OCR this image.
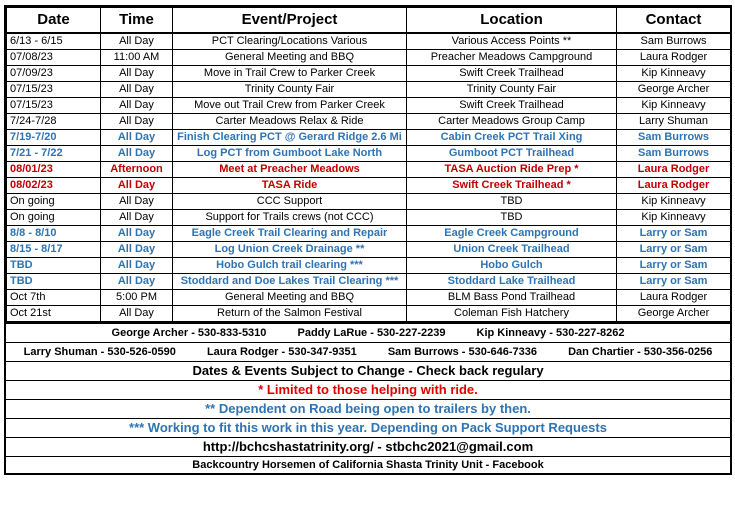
Date	Time	Event/Project	Location	Contact
6/13 - 6/15	All Day	PCT Clearing/Locations Various	Various Access Points **	Sam Burrows
07/08/23	11:00 AM	General Meeting and BBQ	Preacher Meadows Campground	Laura Rodger
07/09/23	All Day	Move in Trail Crew to Parker Creek	Swift Creek Trailhead	Kip Kinneavy
07/15/23	All Day	Trinity County Fair	Trinity County Fair	George Archer
07/15/23	All Day	Move out Trail Crew from Parker Creek	Swift Creek Trailhead	Kip Kinneavy
7/24-7/28	All Day	Carter Meadows Relax & Ride	Carter Meadows Group Camp	Larry Shuman
7/19-7/20	All Day	Finish Clearing PCT @ Gerard Ridge 2.6 Mi	Cabin Creek PCT Trail Xing	Sam Burrows
7/21 - 7/22	All Day	Log PCT from Gumboot Lake North	Gumboot PCT Trailhead	Sam Burrows
08/01/23	Afternoon	Meet at Preacher Meadows	TASA Auction Ride Prep *	Laura Rodger
08/02/23	All Day	TASA Ride	Swift Creek Trailhead *	Laura Rodger
On going	All Day	CCC Support	TBD	Kip Kinneavy
On going	All Day	Support for Trails crews (not CCC)	TBD	Kip Kinneavy
8/8 - 8/10	All Day	Eagle Creek Trail Clearing and Repair	Eagle Creek Campground	Larry or Sam
8/15 - 8/17	All Day	Log Union Creek Drainage **	Union Creek Trailhead	Larry or Sam
TBD	All Day	Hobo Gulch trail clearing ***	Hobo Gulch	Larry or Sam
TBD	All Day	Stoddard and Doe Lakes Trail Clearing ***	Stoddard Lake Trailhead	Larry or Sam
Oct 7th	5:00 PM	General Meeting and BBQ	BLM Bass Pond Trailhead	Laura Rodger
Oct 21st	All Day	Return of the Salmon Festival	Coleman Fish Hatchery	George Archer
George Archer - 530-833-5310	Paddy LaRue - 530-227-2239	Kip Kinneavy - 530-227-8262
Larry Shuman - 530-526-0590	Laura Rodger - 530-347-9351	Sam Burrows - 530-646-7336	Dan Chartier - 530-356-0256
Dates & Events Subject to Change - Check back regulary
* Limited to those helping with ride.
** Dependent on Road being open to trailers by then.
*** Working to fit this work in this year. Depending on Pack Support Requests
http://bchcshastatrinity.org/ - stbchc2021@gmail.com
Backcountry Horsemen of California Shasta Trinity Unit - Facebook
